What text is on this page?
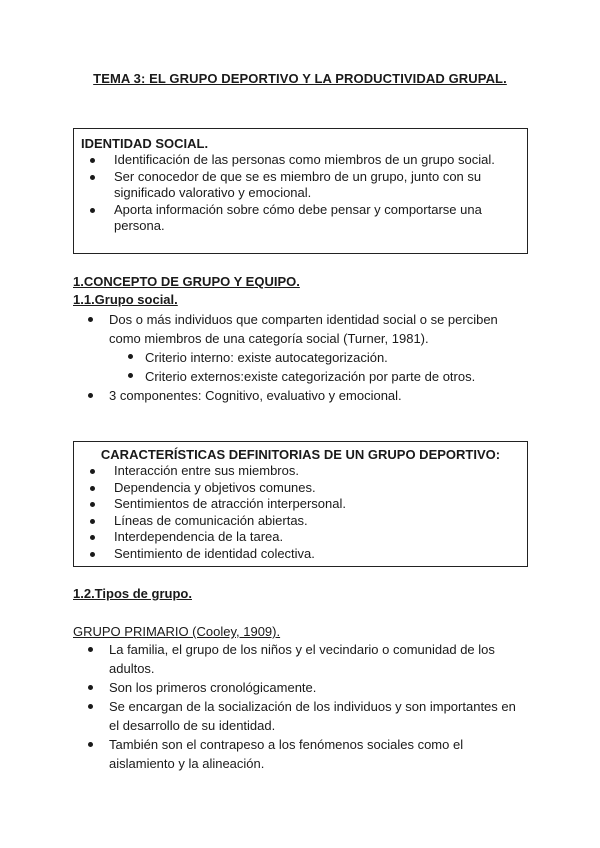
TEMA 3: EL GRUPO DEPORTIVO Y LA PRODUCTIVIDAD GRUPAL.
IDENTIDAD SOCIAL.
Identificación de las personas como miembros de un grupo social.
Ser conocedor de que se es miembro de un grupo, junto con su significado valorativo y emocional.
Aporta información sobre cómo debe pensar y comportarse una persona.
1.CONCEPTO DE GRUPO Y EQUIPO.
1.1.Grupo social.
Dos o más individuos que comparten identidad social o se perciben como miembros de una categoría social (Turner, 1981).
Criterio interno: existe autocategorización.
Criterio externos:existe categorización por parte de otros.
3 componentes: Cognitivo, evaluativo y emocional.
CARACTERÍSTICAS DEFINITORIAS DE UN GRUPO DEPORTIVO:
Interacción entre sus miembros.
Dependencia y objetivos comunes.
Sentimientos de atracción interpersonal.
Líneas de comunicación abiertas.
Interdependencia de la tarea.
Sentimiento de identidad colectiva.
1.2.Tipos de grupo.
GRUPO PRIMARIO (Cooley, 1909).
La familia, el grupo de los niños y el vecindario o comunidad de los adultos.
Son los primeros cronológicamente.
Se encargan de la socialización de los individuos y son importantes en el desarrollo de su identidad.
También son el contrapeso a los fenómenos sociales como el aislamiento y la alineación.
